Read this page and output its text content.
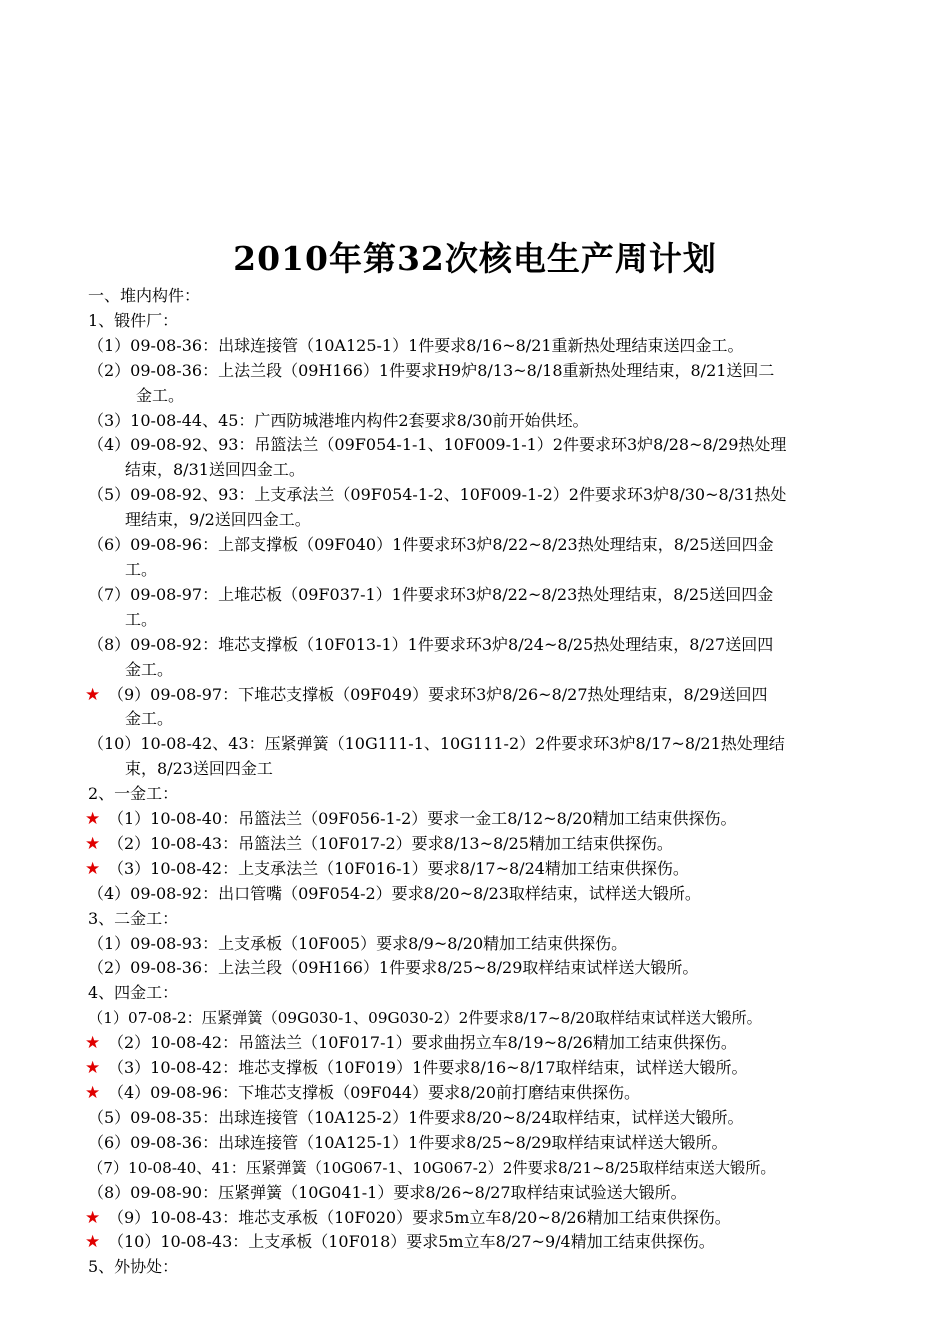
2010年第32次核电生产周计划
一、堆内构件：
1、锻件厂：
（1）09-08-36：出球连接管（10A125-1）1件要求8/16~8/21重新热处理结束送四金工。
（2）09-08-36：上法兰段（09H166）1件要求H9炉8/13~8/18重新热处理结束，8/21送回二
金工。
（3）10-08-44、45：广西防城港堆内构件2套要求8/30前开始供坯。
（4）09-08-92、93：吊篮法兰（09F054-1-1、10F009-1-1）2件要求环3炉8/28~8/29热处理
结束，8/31送回四金工。
（5）09-08-92、93：上支承法兰（09F054-1-2、10F009-1-2）2件要求环3炉8/30~8/31热处
理结束，9/2送回四金工。
（6）09-08-96：上部支撑板（09F040）1件要求环3炉8/22~8/23热处理结束，8/25送回四金
工。
（7）09-08-97：上堆芯板（09F037-1）1件要求环3炉8/22~8/23热处理结束，8/25送回四金
工。
（8）09-08-92：堆芯支撑板（10F013-1）1件要求环3炉8/24~8/25热处理结束，8/27送回四
金工。
★ （9）09-08-97：下堆芯支撑板（09F049）要求环3炉8/26~8/27热处理结束，8/29送回四
金工。
（10）10-08-42、43：压紧弹簧（10G111-1、10G111-2）2件要求环3炉8/17~8/21热处理结
束，8/23送回四金工
2、一金工：
★ （1）10-08-40：吊篮法兰（09F056-1-2）要求一金工8/12~8/20精加工结束供探伤。
★ （2）10-08-43：吊篮法兰（10F017-2）要求8/13~8/25精加工结束供探伤。
★ （3）10-08-42：上支承法兰（10F016-1）要求8/17~8/24精加工结束供探伤。
（4）09-08-92：出口管嘴（09F054-2）要求8/20~8/23取样结束，试样送大锻所。
3、二金工：
（1）09-08-93：上支承板（10F005）要求8/9~8/20精加工结束供探伤。
（2）09-08-36：上法兰段（09H166）1件要求8/25~8/29取样结束试样送大锻所。
4、四金工：
（1）07-08-2：压紧弹簧（09G030-1、09G030-2）2件要求8/17~8/20取样结束试样送大锻所。
★ （2）10-08-42：吊篮法兰（10F017-1）要求曲拐立车8/19~8/26精加工结束供探伤。
★ （3）10-08-42：堆芯支撑板（10F019）1件要求8/16~8/17取样结束，试样送大锻所。
★ （4）09-08-96：下堆芯支撑板（09F044）要求8/20前打磨结束供探伤。
（5）09-08-35：出球连接管（10A125-2）1件要求8/20~8/24取样结束，试样送大锻所。
（6）09-08-36：出球连接管（10A125-1）1件要求8/25~8/29取样结束试样送大锻所。
（7）10-08-40、41：压紧弹簧（10G067-1、10G067-2）2件要求8/21~8/25取样结束送大锻所。
（8）09-08-90：压紧弹簧（10G041-1）要求8/26~8/27取样结束试验送大锻所。
★ （9）10-08-43：堆芯支承板（10F020）要求5m立车8/20~8/26精加工结束供探伤。
★ （10）10-08-43：上支承板（10F018）要求5m立车8/27~9/4精加工结束供探伤。
5、外协处：
